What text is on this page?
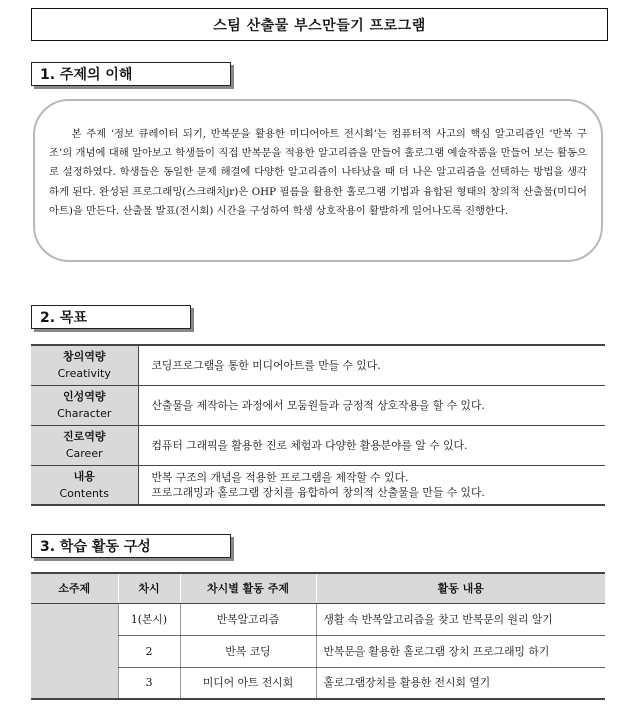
스팀 산출물 부스만들기 프로그램
1. 주제의 이해

본 주제 ‘정보 큐레이터 되기, 반복문을 활용한 미디어아트 전시회’는 컴퓨터적 사고의 핵심 알고리즘인 ‘반복 구조’의 개념에 대해 알아보고 학생들이 직접 반복문을 적용한 알고리즘을 만들어 홀로그램 예술작품을 만들어 보는 활동으로 설정하였다. 학생들은 동일한 문제 해결에 다양한 알고리즘이 나타났을 때 더 나은 알고리즘을 선택하는 방법을 생각하게 된다. 완성된 프로그래밍(스크래치jr)은 OHP 필름을 활용한 홀로그램 기법과 융합된 형태의 창의적 산출물(미디어 아트)을 만든다. 산출물 발표(전시회) 시간을 구성하여 학생 상호작용이 활발하게 일어나도록 진행한다.

2. 목표
창의역량
Creativity	코딩프로그램을 통한 미디어아트를 만들 수 있다.

인성역량
Character	산출물을 제작하는 과정에서 모둠원들과 긍정적 상호작용을 할 수 있다.

진로역량
Career	컴퓨터 그래픽을 활용한 진로 체험과 다양한 활용분야를 알 수 있다.

내용
Contents	반복 구조의 개념을 적용한 프로그램을 제작할 수 있다.
프로그래밍과 홀로그램 장치를 융합하여 창의적 산출물을 만들 수 있다.
3. 학습 활동 구성
소주제	차시	차시별 활동 주제	활동 내용
	1(본시)	반복알고리즘	생활 속 반복알고리즘을 찾고 반복문의 원리 알기
	2	반복 코딩	반복문을 활용한 홀로그램 장치 프로그래밍 하기
	3	미디어 아트 전시회	홀로그램장치를 활용한 전시회 열기
